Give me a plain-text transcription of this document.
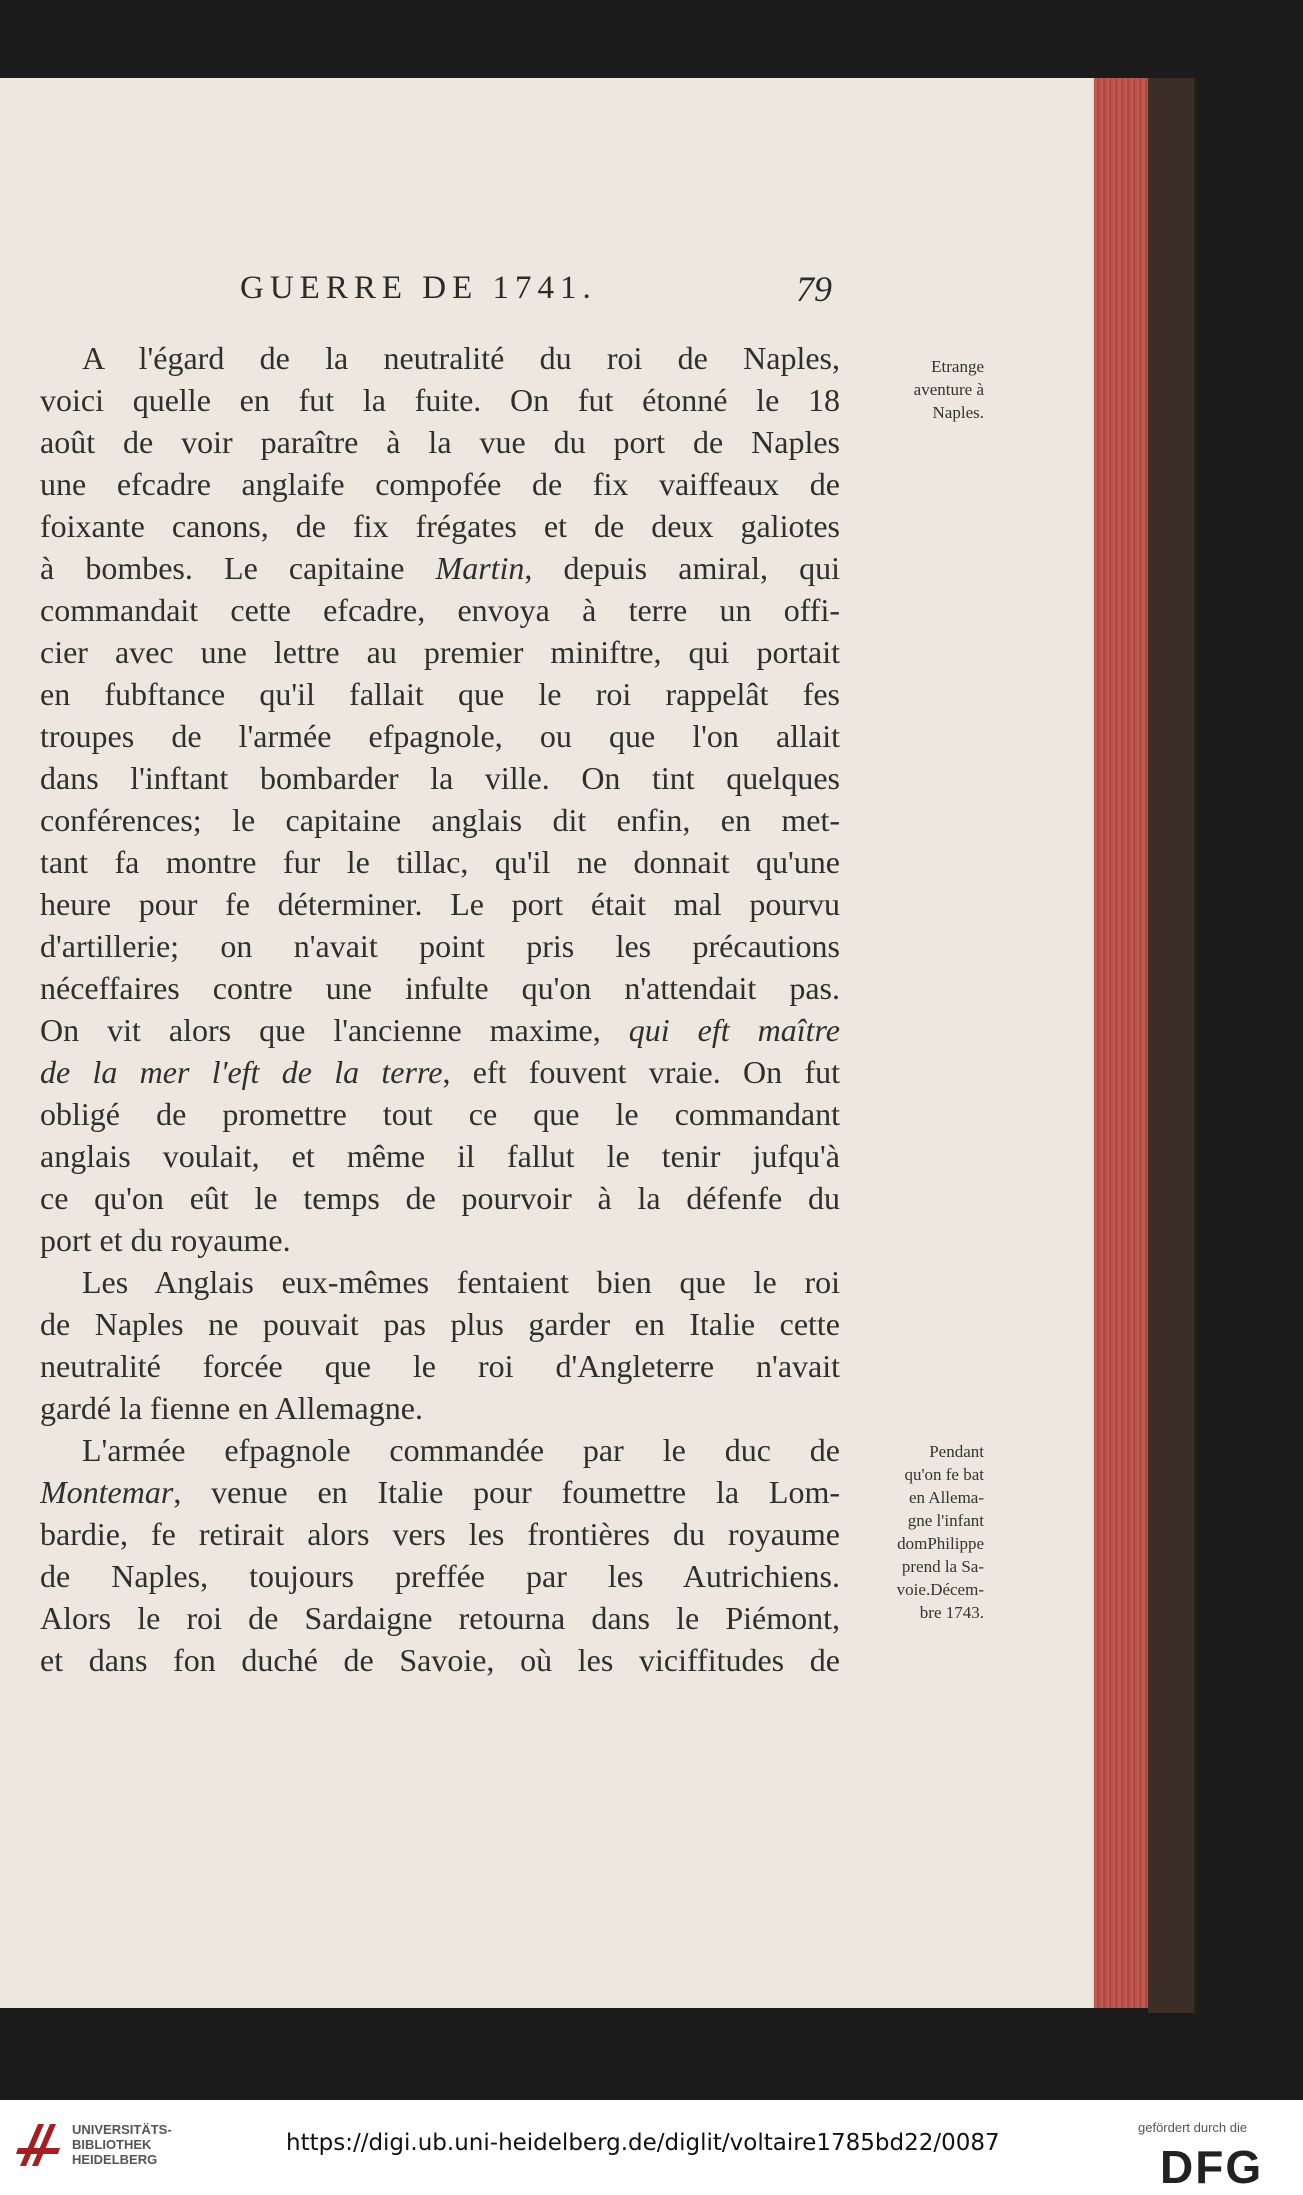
GUERRE DE 1741.	79
A l'égard de la neutralité du roi de Naples,
voici quelle en fut la fuite. On fut étonné le 18
août de voir paraître à la vue du port de Naples
une efcadre anglaife compofée de fix vaiffeaux de
foixante canons, de fix frégates et de deux galiotes
à bombes. Le capitaine Martin, depuis amiral, qui
commandait cette efcadre, envoya à terre un offi-
cier avec une lettre au premier miniftre, qui portait
en fubftance qu'il fallait que le roi rappelât fes
troupes de l'armée efpagnole, ou que l'on allait
dans l'inftant bombarder la ville. On tint quelques
conférences; le capitaine anglais dit enfin, en met-
tant fa montre fur le tillac, qu'il ne donnait qu'une
heure pour fe déterminer. Le port était mal pourvu
d'artillerie; on n'avait point pris les précautions
néceffaires contre une infulte qu'on n'attendait pas.
On vit alors que l'ancienne maxime, qui eft maître
de la mer l'eft de la terre, eft fouvent vraie. On fut
obligé de promettre tout ce que le commandant
anglais voulait, et même il fallut le tenir jufqu'à
ce qu'on eût le temps de pourvoir à la défenfe du
port et du royaume.
Les Anglais eux-mêmes fentaient bien que le roi
de Naples ne pouvait pas plus garder en Italie cette
neutralité forcée que le roi d'Angleterre n'avait
gardé la fienne en Allemagne.
L'armée efpagnole commandée par le duc de
Montemar, venue en Italie pour foumettre la Lom-
bardie, fe retirait alors vers les frontières du royaume
de Naples, toujours preffée par les Autrichiens.
Alors le roi de Sardaigne retourna dans le Piémont,
et dans fon duché de Savoie, où les viciffitudes de
Etrange
aventure à
Naples.
Pendant
qu'on fe bat
en Allema-
gne l'infant
domPhilippe
prend la Sa-
voie.Décem-
bre 1743.
UNIVERSITÄTS-
BIBLIOTHEK
HEIDELBERG
https://digi.ub.uni-heidelberg.de/diglit/voltaire1785bd22/0087
gefördert durch die
DFG
